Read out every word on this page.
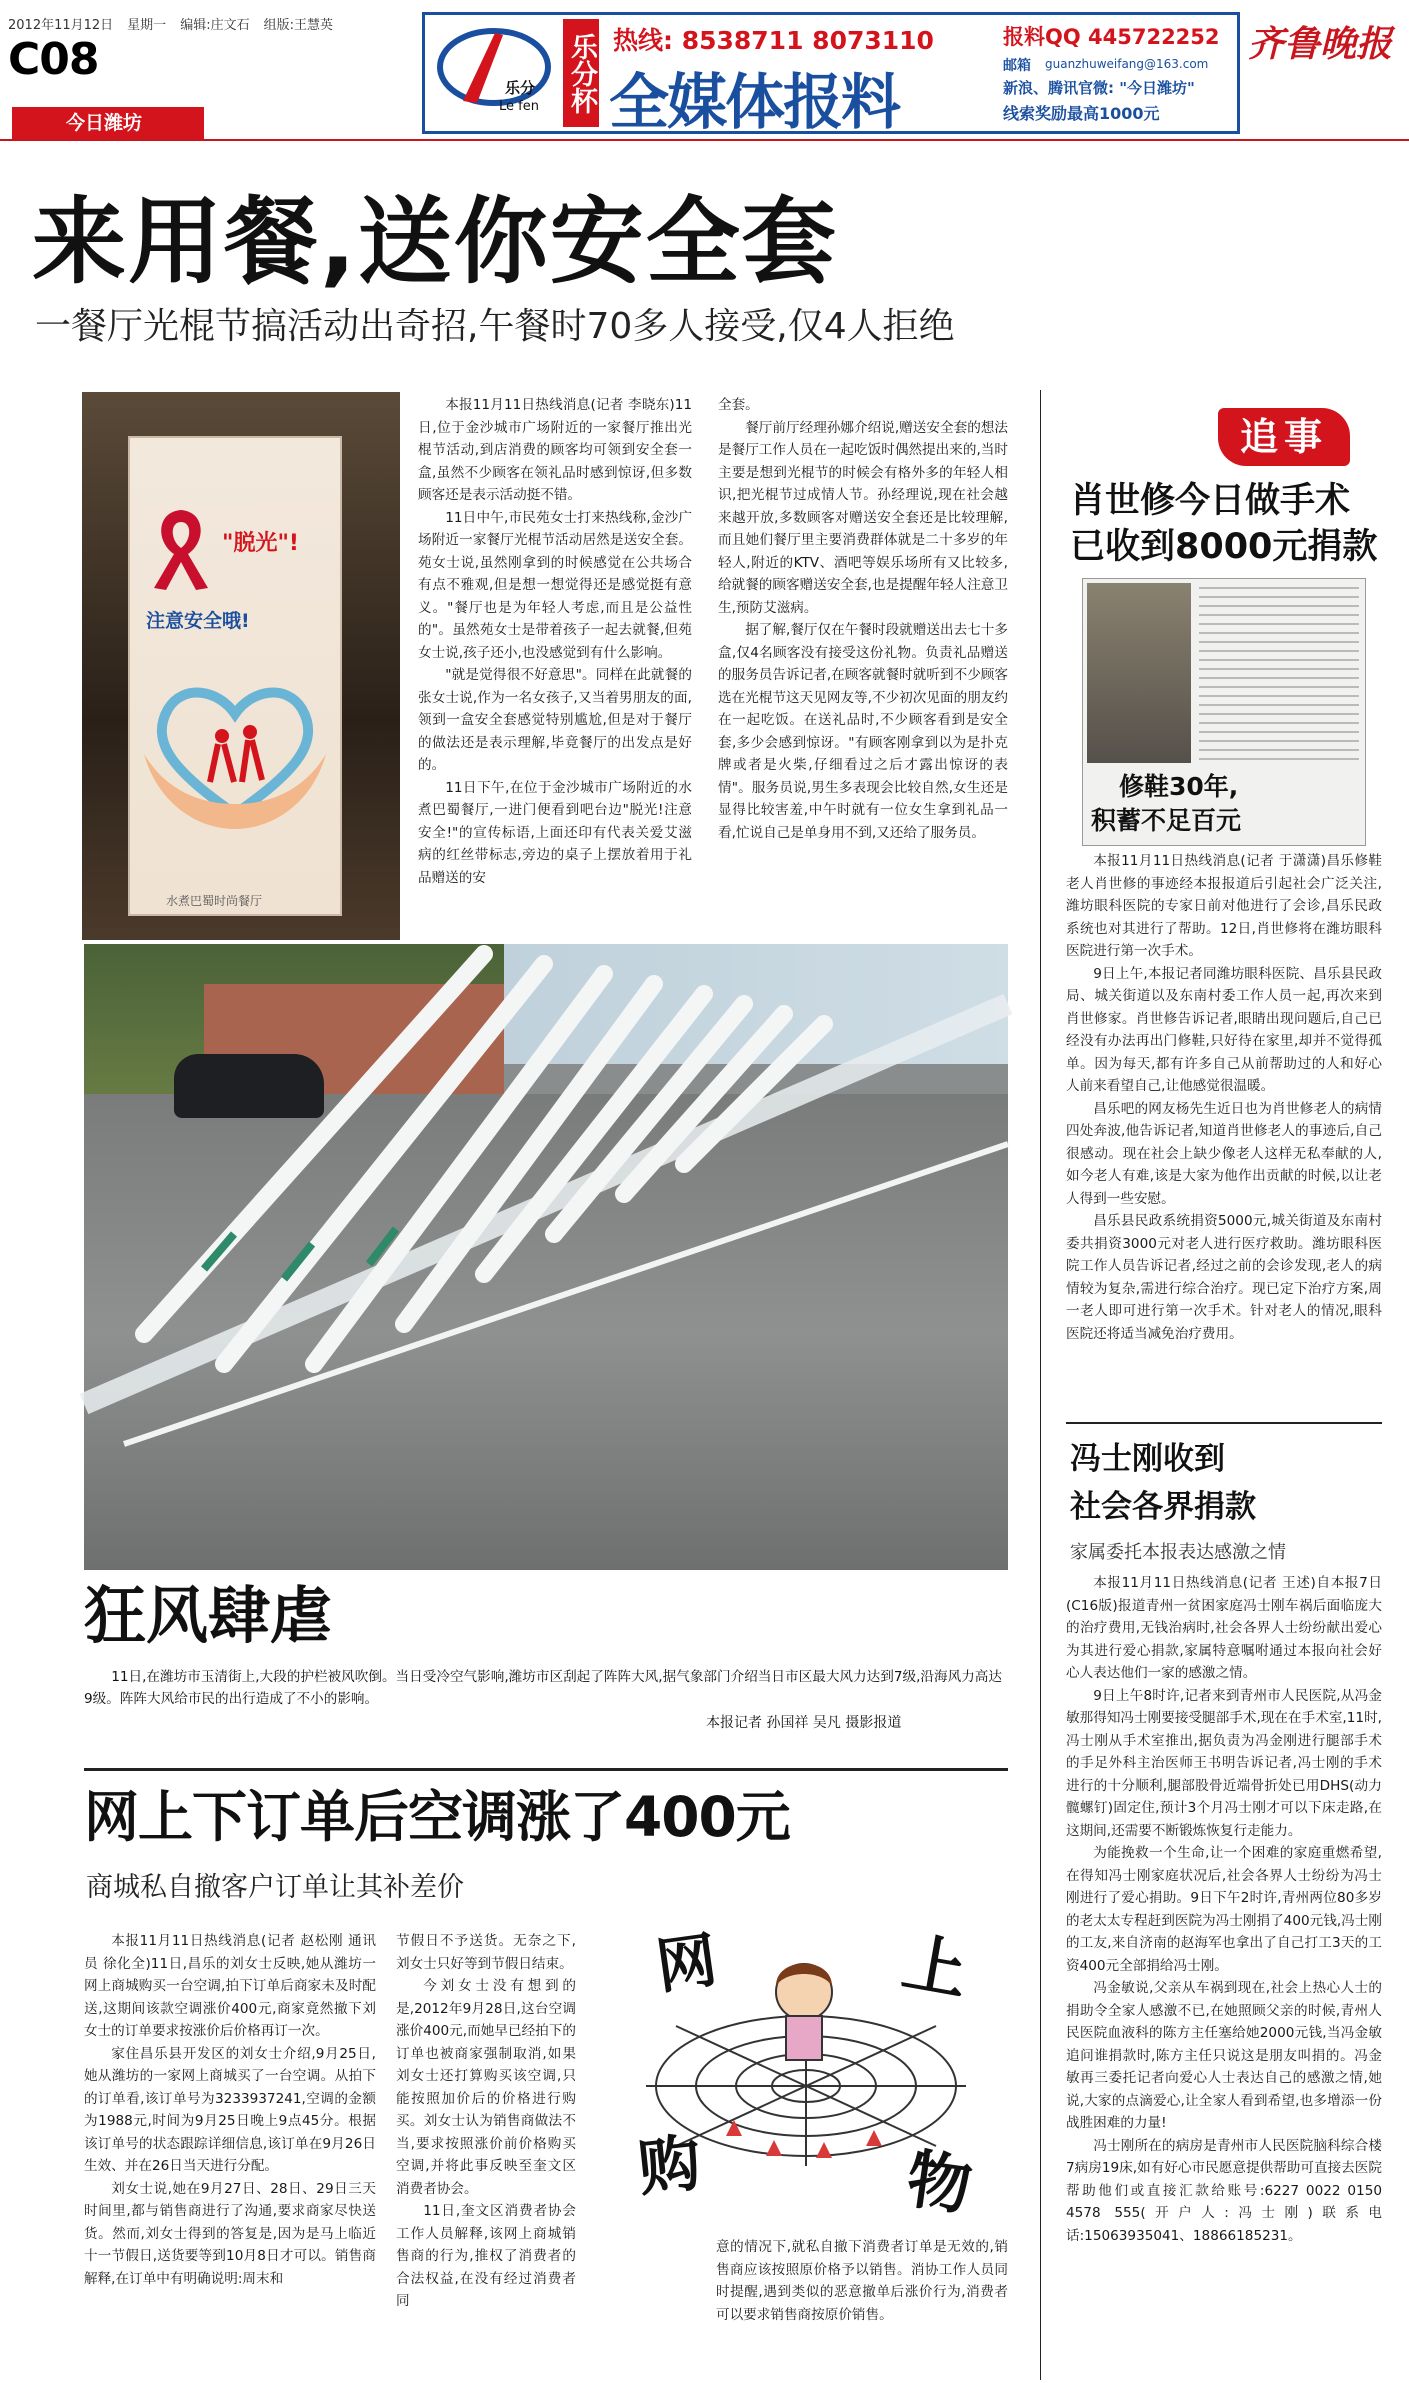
2012年11月12日 星期一 编辑:庄文石 组版:王慧英
C08
今日潍坊
乐分
Le fen 乐分杯 热线: 8538711 8073110
全媒体报料
报料QQ 445722252
邮箱 guanzhuweifang@163.com
新浪、腾讯官微: "今日潍坊"
线索奖励最高1000元
齐鲁晚报
来用餐,送你安全套
一餐厅光棍节搞活动出奇招,午餐时70多人接受,仅4人拒绝
"脱光"!
注意安全哦!
水煮巴蜀时尚餐厅

本报11月11日热线消息(记者 李晓东)11日,位于金沙城市广场附近的一家餐厅推出光棍节活动,到店消费的顾客均可领到安全套一盒,虽然不少顾客在领礼品时感到惊讶,但多数顾客还是表示活动挺不错。

11日中午,市民苑女士打来热线称,金沙广场附近一家餐厅光棍节活动居然是送安全套。苑女士说,虽然刚拿到的时候感觉在公共场合有点不雅观,但是想一想觉得还是感觉挺有意义。"餐厅也是为年轻人考虑,而且是公益性的"。虽然苑女士是带着孩子一起去就餐,但苑女士说,孩子还小,也没感觉到有什么影响。

"就是觉得很不好意思"。同样在此就餐的张女士说,作为一名女孩子,又当着男朋友的面,领到一盒安全套感觉特别尴尬,但是对于餐厅的做法还是表示理解,毕竟餐厅的出发点是好的。

11日下午,在位于金沙城市广场附近的水煮巴蜀餐厅,一进门便看到吧台边"脱光!注意安全!"的宣传标语,上面还印有代表关爱艾滋病的红丝带标志,旁边的桌子上摆放着用于礼品赠送的安

全套。

餐厅前厅经理孙娜介绍说,赠送安全套的想法是餐厅工作人员在一起吃饭时偶然提出来的,当时主要是想到光棍节的时候会有格外多的年轻人相识,把光棍节过成情人节。孙经理说,现在社会越来越开放,多数顾客对赠送安全套还是比较理解,而且她们餐厅里主要消费群体就是二十多岁的年轻人,附近的KTV、酒吧等娱乐场所有又比较多,给就餐的顾客赠送安全套,也是提醒年轻人注意卫生,预防艾滋病。

据了解,餐厅仅在午餐时段就赠送出去七十多盒,仅4名顾客没有接受这份礼物。负责礼品赠送的服务员告诉记者,在顾客就餐时就听到不少顾客选在光棍节这天见网友等,不少初次见面的朋友约在一起吃饭。在送礼品时,不少顾客看到是安全套,多少会感到惊讶。"有顾客刚拿到以为是扑克牌或者是火柴,仔细看过之后才露出惊讶的表情"。服务员说,男生多表现会比较自然,女生还是显得比较害羞,中午时就有一位女生拿到礼品一看,忙说自己是单身用不到,又还给了服务员。

狂风肆虐
11日,在潍坊市玉清街上,大段的护栏被风吹倒。当日受冷空气影响,潍坊市区刮起了阵阵大风,据气象部门介绍当日市区最大风力达到7级,沿海风力高达9级。阵阵大风给市民的出行造成了不小的影响。
本报记者 孙国祥 吴凡 摄影报道
网上下订单后空调涨了400元
商城私自撤客户订单让其补差价

本报11月11日热线消息(记者 赵松刚 通讯员 徐化全)11日,昌乐的刘女士反映,她从潍坊一网上商城购买一台空调,拍下订单后商家未及时配送,这期间该款空调涨价400元,商家竟然撤下刘女士的订单要求按涨价后价格再订一次。

家住昌乐县开发区的刘女士介绍,9月25日,她从潍坊的一家网上商城买了一台空调。从拍下的订单看,该订单号为3233937241,空调的金额为1988元,时间为9月25日晚上9点45分。根据该订单号的状态跟踪详细信息,该订单在9月26日生效、并在26日当天进行分配。

刘女士说,她在9月27日、28日、29日三天时间里,都与销售商进行了沟通,要求商家尽快送货。然而,刘女士得到的答复是,因为是马上临近十一节假日,送货要等到10月8日才可以。销售商解释,在订单中有明确说明:周末和

节假日不予送货。无奈之下,刘女士只好等到节假日结束。

今刘女士没有想到的是,2012年9月28日,这台空调涨价400元,而她早已经拍下的订单也被商家强制取消,如果刘女士还打算购买该空调,只能按照加价后的价格进行购买。刘女士认为销售商做法不当,要求按照涨价前价格购买空调,并将此事反映至奎文区消费者协会。

11日,奎文区消费者协会工作人员解释,该网上商城销售商的行为,推权了消费者的合法权益,在没有经过消费者同

意的情况下,就私自撤下消费者订单是无效的,销售商应该按照原价格予以销售。消协工作人员同时提醒,遇到类似的恶意撤单后涨价行为,消费者可以要求销售商按原价销售。

网	上
购	物
追事
肖世修今日做手术
已收到8000元捐款
修鞋30年,
积蓄不足百元

本报11月11日热线消息(记者 于潇潇)昌乐修鞋老人肖世修的事迹经本报报道后引起社会广泛关注,潍坊眼科医院的专家日前对他进行了会诊,昌乐民政系统也对其进行了帮助。12日,肖世修将在潍坊眼科医院进行第一次手术。

9日上午,本报记者同潍坊眼科医院、昌乐县民政局、城关街道以及东南村委工作人员一起,再次来到肖世修家。肖世修告诉记者,眼睛出现问题后,自己已经没有办法再出门修鞋,只好待在家里,却并不觉得孤单。因为每天,都有许多自己从前帮助过的人和好心人前来看望自己,让他感觉很温暖。

昌乐吧的网友杨先生近日也为肖世修老人的病情四处奔波,他告诉记者,知道肖世修老人的事迹后,自己很感动。现在社会上缺少像老人这样无私奉献的人,如今老人有难,该是大家为他作出贡献的时候,以让老人得到一些安慰。

昌乐县民政系统捐资5000元,城关街道及东南村委共捐资3000元对老人进行医疗救助。潍坊眼科医院工作人员告诉记者,经过之前的会诊发现,老人的病情较为复杂,需进行综合治疗。现已定下治疗方案,周一老人即可进行第一次手术。针对老人的情况,眼科医院还将适当减免治疗费用。

冯士刚收到
社会各界捐款
家属委托本报表达感激之情

本报11月11日热线消息(记者 王述)自本报7日(C16版)报道青州一贫困家庭冯士刚车祸后面临庞大的治疗费用,无钱治病时,社会各界人士纷纷献出爱心为其进行爱心捐款,家属特意嘱咐通过本报向社会好心人表达他们一家的感激之情。

9日上午8时许,记者来到青州市人民医院,从冯金敏那得知冯士刚要接受腿部手术,现在在手术室,11时,冯士刚从手术室推出,据负责为冯金刚进行腿部手术的手足外科主治医师王书明告诉记者,冯士刚的手术进行的十分顺利,腿部股骨近端骨折处已用DHS(动力髋螺钉)固定住,预计3个月冯士刚才可以下床走路,在这期间,还需要不断锻炼恢复行走能力。

为能挽救一个生命,让一个困难的家庭重燃希望,在得知冯士刚家庭状况后,社会各界人士纷纷为冯士刚进行了爱心捐助。9日下午2时许,青州两位80多岁的老太太专程赶到医院为冯士刚捐了400元钱,冯士刚的工友,来自济南的赵海军也拿出了自己打工3天的工资400元全部捐给冯士刚。

冯金敏说,父亲从车祸到现在,社会上热心人士的捐助令全家人感激不已,在她照顾父亲的时候,青州人民医院血液科的陈方主任塞给她2000元钱,当冯金敏追问谁捐款时,陈方主任只说这是朋友叫捐的。冯金敏再三委托记者向爱心人士表达自己的感激之情,她说,大家的点滴爱心,让全家人看到希望,也多增添一份战胜困难的力量!

冯士刚所在的病房是青州市人民医院脑科综合楼7病房19床,如有好心市民愿意提供帮助可直接去医院帮助他们或直接汇款给账号:6227 0022 0150 4578 555(开户人:冯士刚)联系电话:15063935041、18866185231。
